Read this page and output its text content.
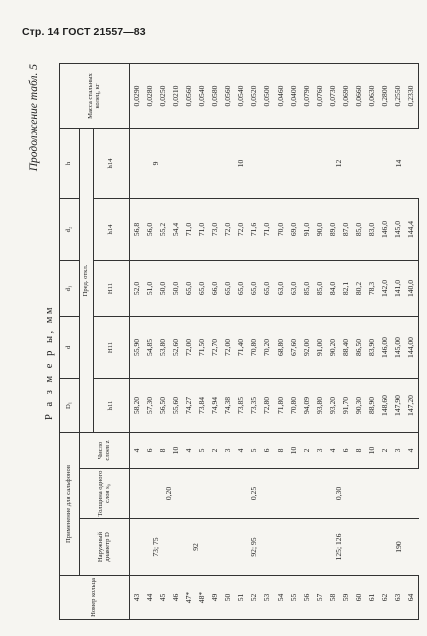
Стр. 14 ГОСТ 21557—83
Продолжение табл. 5
Р а з м е р ы, мм
Номер кольца	Применение для сальфонов			D₁	d	d₁	d₂	h	Масса стальных колец, кг
	Наружный диаметр D	Толщина одного слоя s₀	Число слоев z	Пред. откл.					
				h11	H11	H11	h14	h14	
43	73; 75	0,20	4	58,20	55,90	52,0	56,8	9	0,0290
44			6	57,30	54,85	51,0	56,0		0,0280
45			8	56,50	53,80	50,0	55,2		0,0250
46			10	55,60	52,60	50,0	54,4		0,0210
47*	92		4	74,27	72,00	65,0	71,0	10	0,0560
48*			5	73,84	71,50	65,0	71,0		0,0540
49	92; 95	0,25	2	74,94	72,70	66,0	73,0		0,0580
50			3	74,38	72,00	65,0	72,0		0,0560
51			4	73,85	71,40	65,0	72,0		0,0540
52			5	73,35	70,80	65,0	71,6		0,0520
53			6	72,80	70,20	65,0	71,0		0,0500
54			8	71,80	68,80	63,0	70,0		0,0460
55			10	70,80	67,60	63,0	69,0		0,0400
56	125; 126	0,30	2	94,09	92,00	85,0	91,0	12	0,0790
57			3	93,80	91,00	85,0	90,0		0,0760
58			4	93,20	90,20	84,0	89,0		0,0730
59			6	91,70	88,40	82,1	87,0		0,0690
60			8	90,30	86,50	80,2	85,0		0,0660
61			10	88,90	83,90	78,3	83,0		0,0630
62	190		2	148,60	146,00	142,0	146,0	14	0,2800
63			3	147,90	145,00	141,0	145,0		0,2550
64			4	147,20	144,00	140,0	144,4		0,2330
